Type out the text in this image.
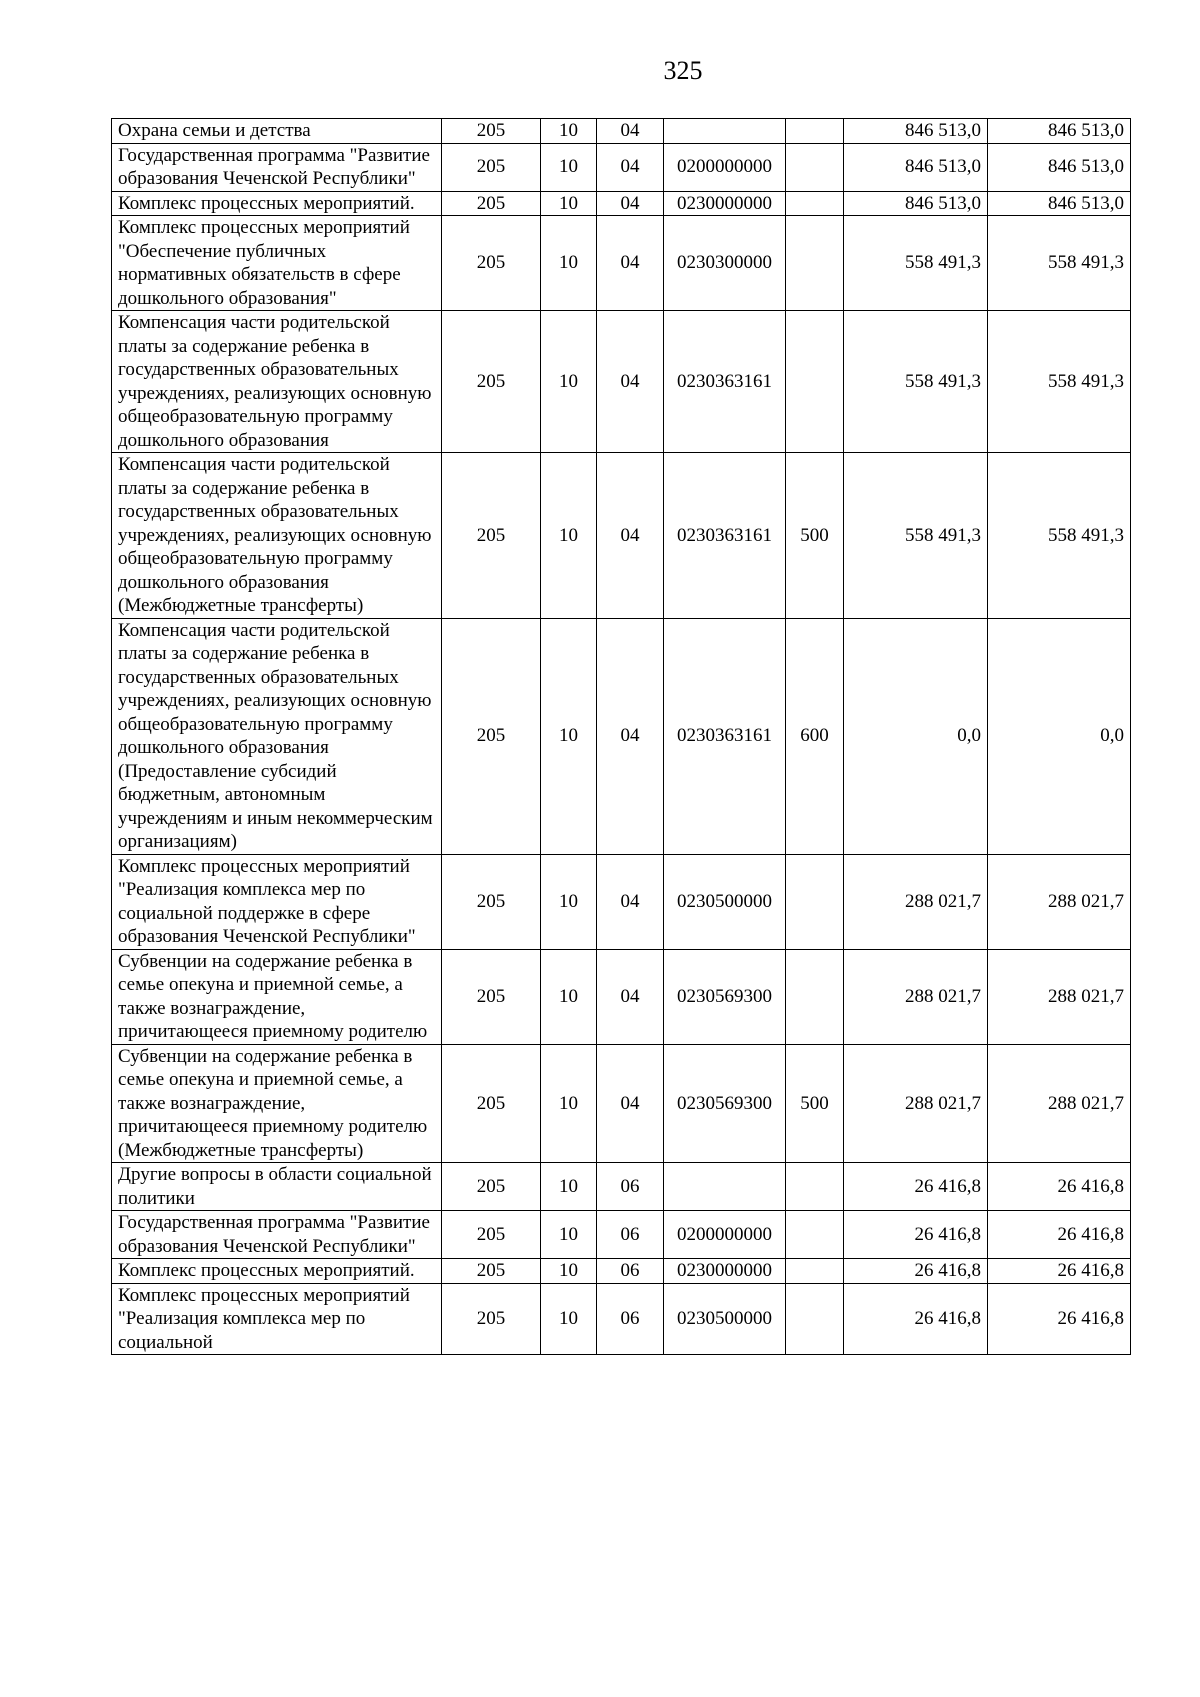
325
Охрана семьи и детства	205	10	04			846 513,0	846 513,0
Государственная программа "Развитие образования Чеченской Республики"	205	10	04	0200000000		846 513,0	846 513,0
Комплекс процессных мероприятий.	205	10	04	0230000000		846 513,0	846 513,0
Комплекс процессных мероприятий "Обеспечение публичных нормативных обязательств в сфере дошкольного образования"	205	10	04	0230300000		558 491,3	558 491,3
Компенсация части родительской платы за содержание ребенка в государственных образовательных учреждениях, реализующих основную общеобразовательную программу дошкольного образования	205	10	04	0230363161		558 491,3	558 491,3
Компенсация части родительской платы за содержание ребенка в государственных образовательных учреждениях, реализующих основную общеобразовательную программу дошкольного образования (Межбюджетные трансферты)	205	10	04	0230363161	500	558 491,3	558 491,3
Компенсация части родительской платы за содержание ребенка в государственных образовательных учреждениях, реализующих основную общеобразовательную программу дошкольного образования (Предоставление субсидий бюджетным, автономным учреждениям и иным некоммерческим организациям)	205	10	04	0230363161	600	0,0	0,0
Комплекс процессных мероприятий "Реализация комплекса мер по социальной поддержке в сфере образования Чеченской Республики"	205	10	04	0230500000		288 021,7	288 021,7
Субвенции на содержание ребенка в семье опекуна и приемной семье, а также вознаграждение, причитающееся приемному родителю	205	10	04	0230569300		288 021,7	288 021,7
Субвенции на содержание ребенка в семье опекуна и приемной семье, а также вознаграждение, причитающееся приемному родителю (Межбюджетные трансферты)	205	10	04	0230569300	500	288 021,7	288 021,7
Другие вопросы в области социальной политики	205	10	06			26 416,8	26 416,8
Государственная программа "Развитие образования Чеченской Республики"	205	10	06	0200000000		26 416,8	26 416,8
Комплекс процессных мероприятий.	205	10	06	0230000000		26 416,8	26 416,8
Комплекс процессных мероприятий "Реализация комплекса мер по социальной	205	10	06	0230500000		26 416,8	26 416,8
